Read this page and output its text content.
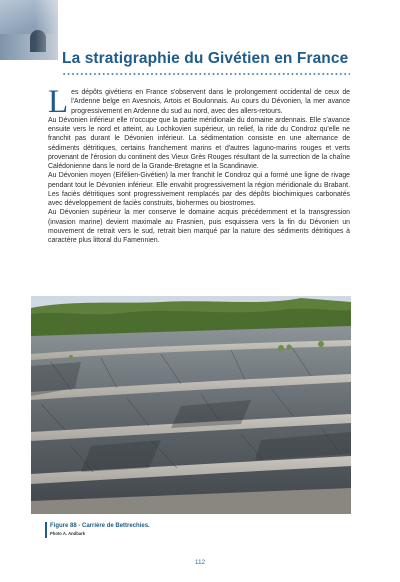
La stratigraphie du Givétien en France
L es dépôts givétiens en France s'observent dans le prolongement occidental de ceux de l'Ardenne belge en Avesnois, Artois et Boulonnais. Au cours du Dévonien, la mer avance progressivement en Ardenne du sud au nord, avec des allers-retours.

Au Dévonien inférieur elle n'occupe que la partie méridionale du domaine ardennais. Elle s'avance ensuite vers le nord et atteint, au Lochkovien supérieur, un relief, la ride du Condroz qu'elle ne franchit pas durant le Dévonien inférieur. La sédimentation consiste en une alternance de sédiments détritiques, certains franchement marins et d'autres laguno-marins rouges et verts provenant de l'érosion du continent des Vieux Grès Rouges résultant de la surrection de la chaîne Calédonienne dans le nord de la Grande-Bretagne et la Scandinavie.

Au Dévonien moyen (Eifélien-Givétien) la mer franchit le Condroz qui a formé une ligne de rivage pendant tout le Dévonien inférieur. Elle envahit progressivement la région méridionale du Brabant. Les faciès détritiques sont progressivement remplacés par des dépôts biochimiques carbonatés avec développement de faciès construits, biohermes ou biostromes.

Au Dévonien supérieur la mer conserve le domaine acquis précédemment et la transgression (invasion marine) devient maximale au Frasnien, puis esquissera vers la fin du Dévonien un mouvement de retrait vers le sud, retrait bien marqué par la nature des sédiments détritiques à caractère plus littoral du Famennien.

Figure 88 - Carrière de Bettrechies.
Photo A. Andbark
112
